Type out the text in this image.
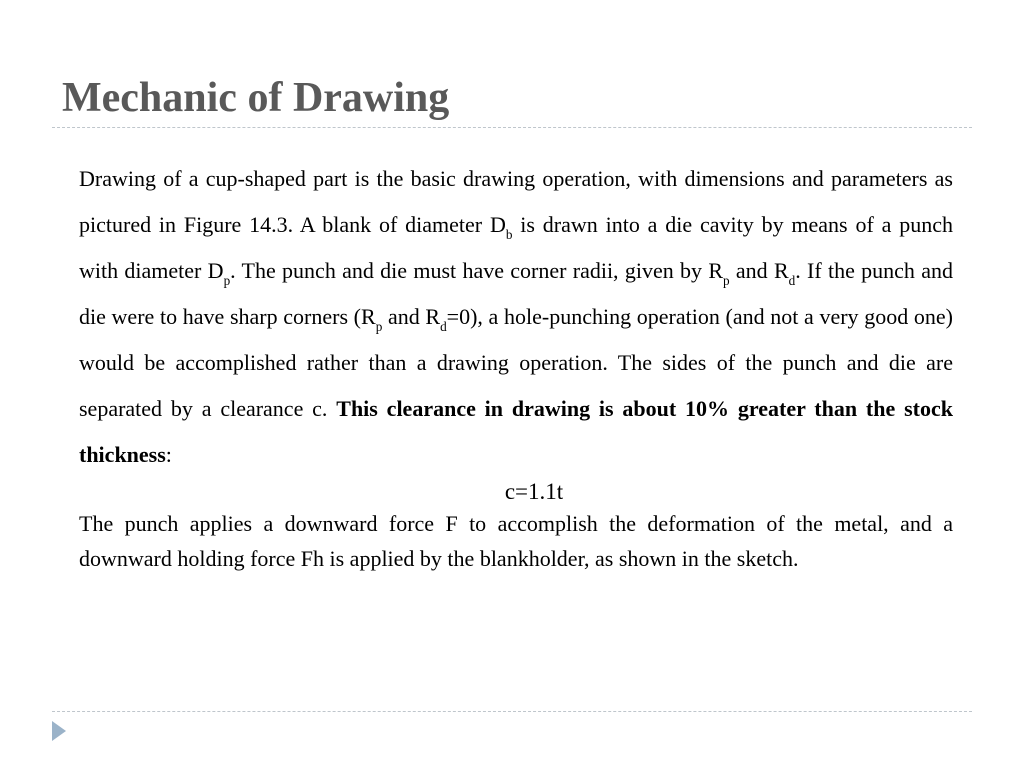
Mechanic of Drawing

Drawing of a cup-shaped part is the basic drawing operation, with dimensions and parameters as pictured in Figure 14.3. A blank of diameter $D_b$ is drawn into a die cavity by means of a punch with diameter $D_p$. The punch and die must have corner radii, given by $R_p$ and $R_d$. If the punch and die were to have sharp corners ($R_p$ and $R_d=0$), a hole-punching operation (and not a very good one) would be accomplished rather than a drawing operation. The sides of the punch and die are separated by a clearance c. This clearance in drawing is about 10% greater than the stock thickness:

c=1.1t

The punch applies a downward force F to accomplish the deformation of the metal, and a downward holding force Fh is applied by the blankholder, as shown in the sketch.
